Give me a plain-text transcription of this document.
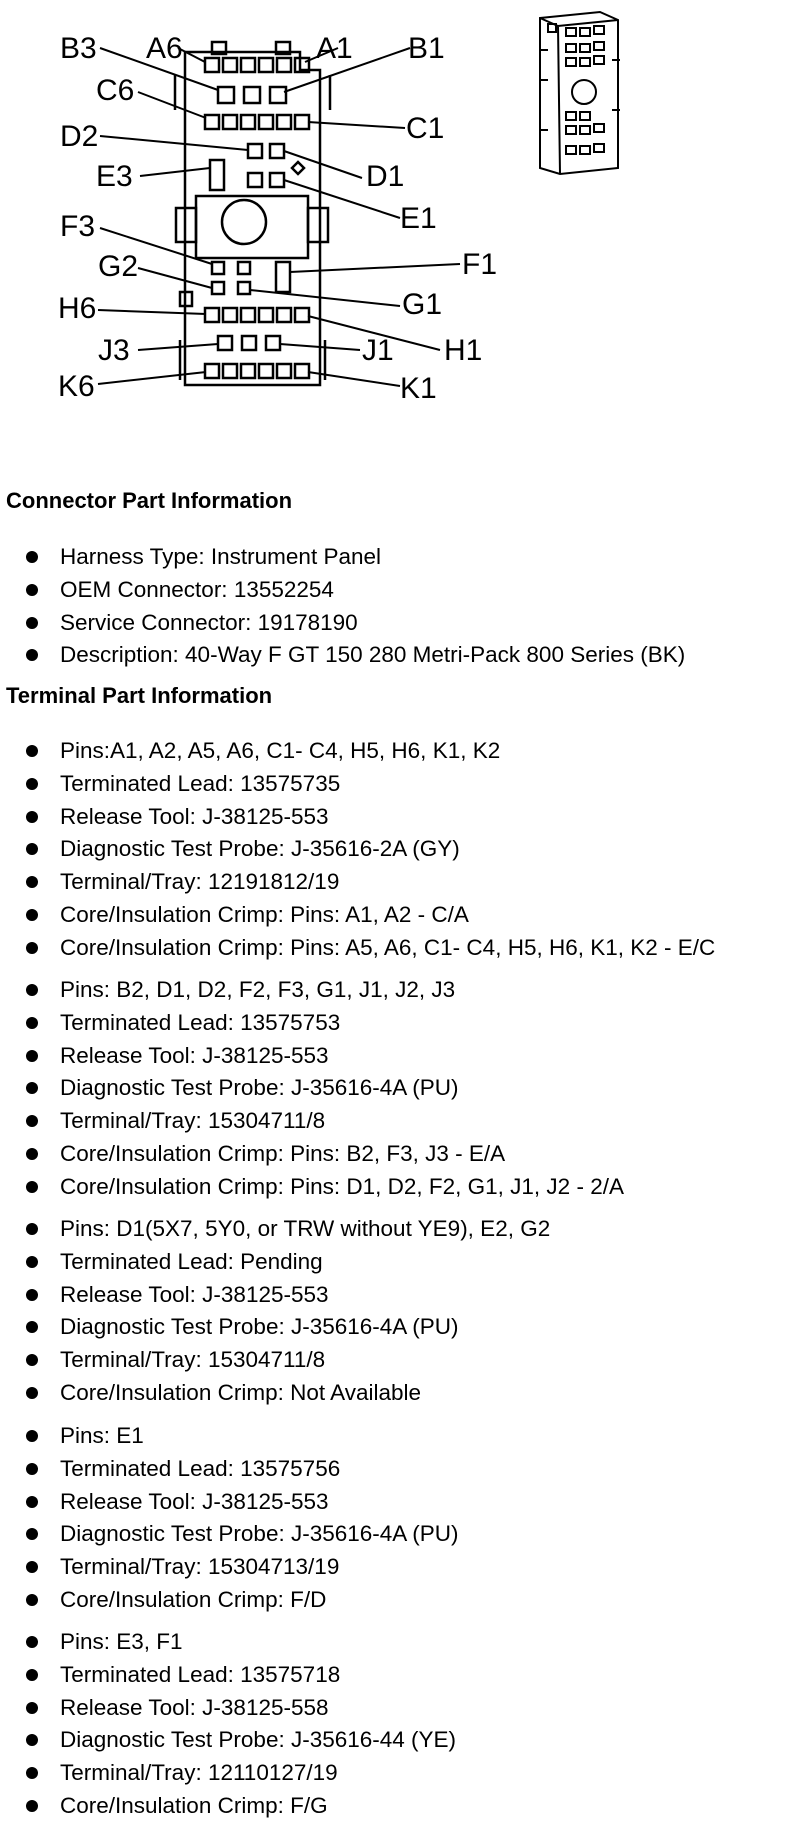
B3 A6	A1 B1
C6
D2	C1
E3	D1
E1
F3
F1
G2
G1
H6
H1
J3	J1
K6	K1
Connector Part Information
Harness Type: Instrument Panel
OEM Connector: 13552254
Service Connector: 19178190
Description: 40-Way F GT 150 280 Metri-Pack 800 Series (BK)
Terminal Part Information
Pins:A1, A2, A5, A6, C1- C4, H5, H6, K1, K2
Terminated Lead: 13575735
Release Tool: J-38125-553
Diagnostic Test Probe: J-35616-2A (GY)
Terminal/Tray: 12191812/19
Core/Insulation Crimp: Pins: A1, A2 - C/A
Core/Insulation Crimp: Pins: A5, A6, C1- C4, H5, H6, K1, K2 - E/C
Pins: B2, D1, D2, F2, F3, G1, J1, J2, J3
Terminated Lead: 13575753
Release Tool: J-38125-553
Diagnostic Test Probe: J-35616-4A (PU)
Terminal/Tray: 15304711/8
Core/Insulation Crimp: Pins: B2, F3, J3 - E/A
Core/Insulation Crimp: Pins: D1, D2, F2, G1, J1, J2 - 2/A
Pins: D1(5X7, 5Y0, or TRW without YE9), E2, G2
Terminated Lead: Pending
Release Tool: J-38125-553
Diagnostic Test Probe: J-35616-4A (PU)
Terminal/Tray: 15304711/8
Core/Insulation Crimp: Not Available
Pins: E1
Terminated Lead: 13575756
Release Tool: J-38125-553
Diagnostic Test Probe: J-35616-4A (PU)
Terminal/Tray: 15304713/19
Core/Insulation Crimp: F/D
Pins: E3, F1
Terminated Lead: 13575718
Release Tool: J-38125-558
Diagnostic Test Probe: J-35616-44 (YE)
Terminal/Tray: 12110127/19
Core/Insulation Crimp: F/G
